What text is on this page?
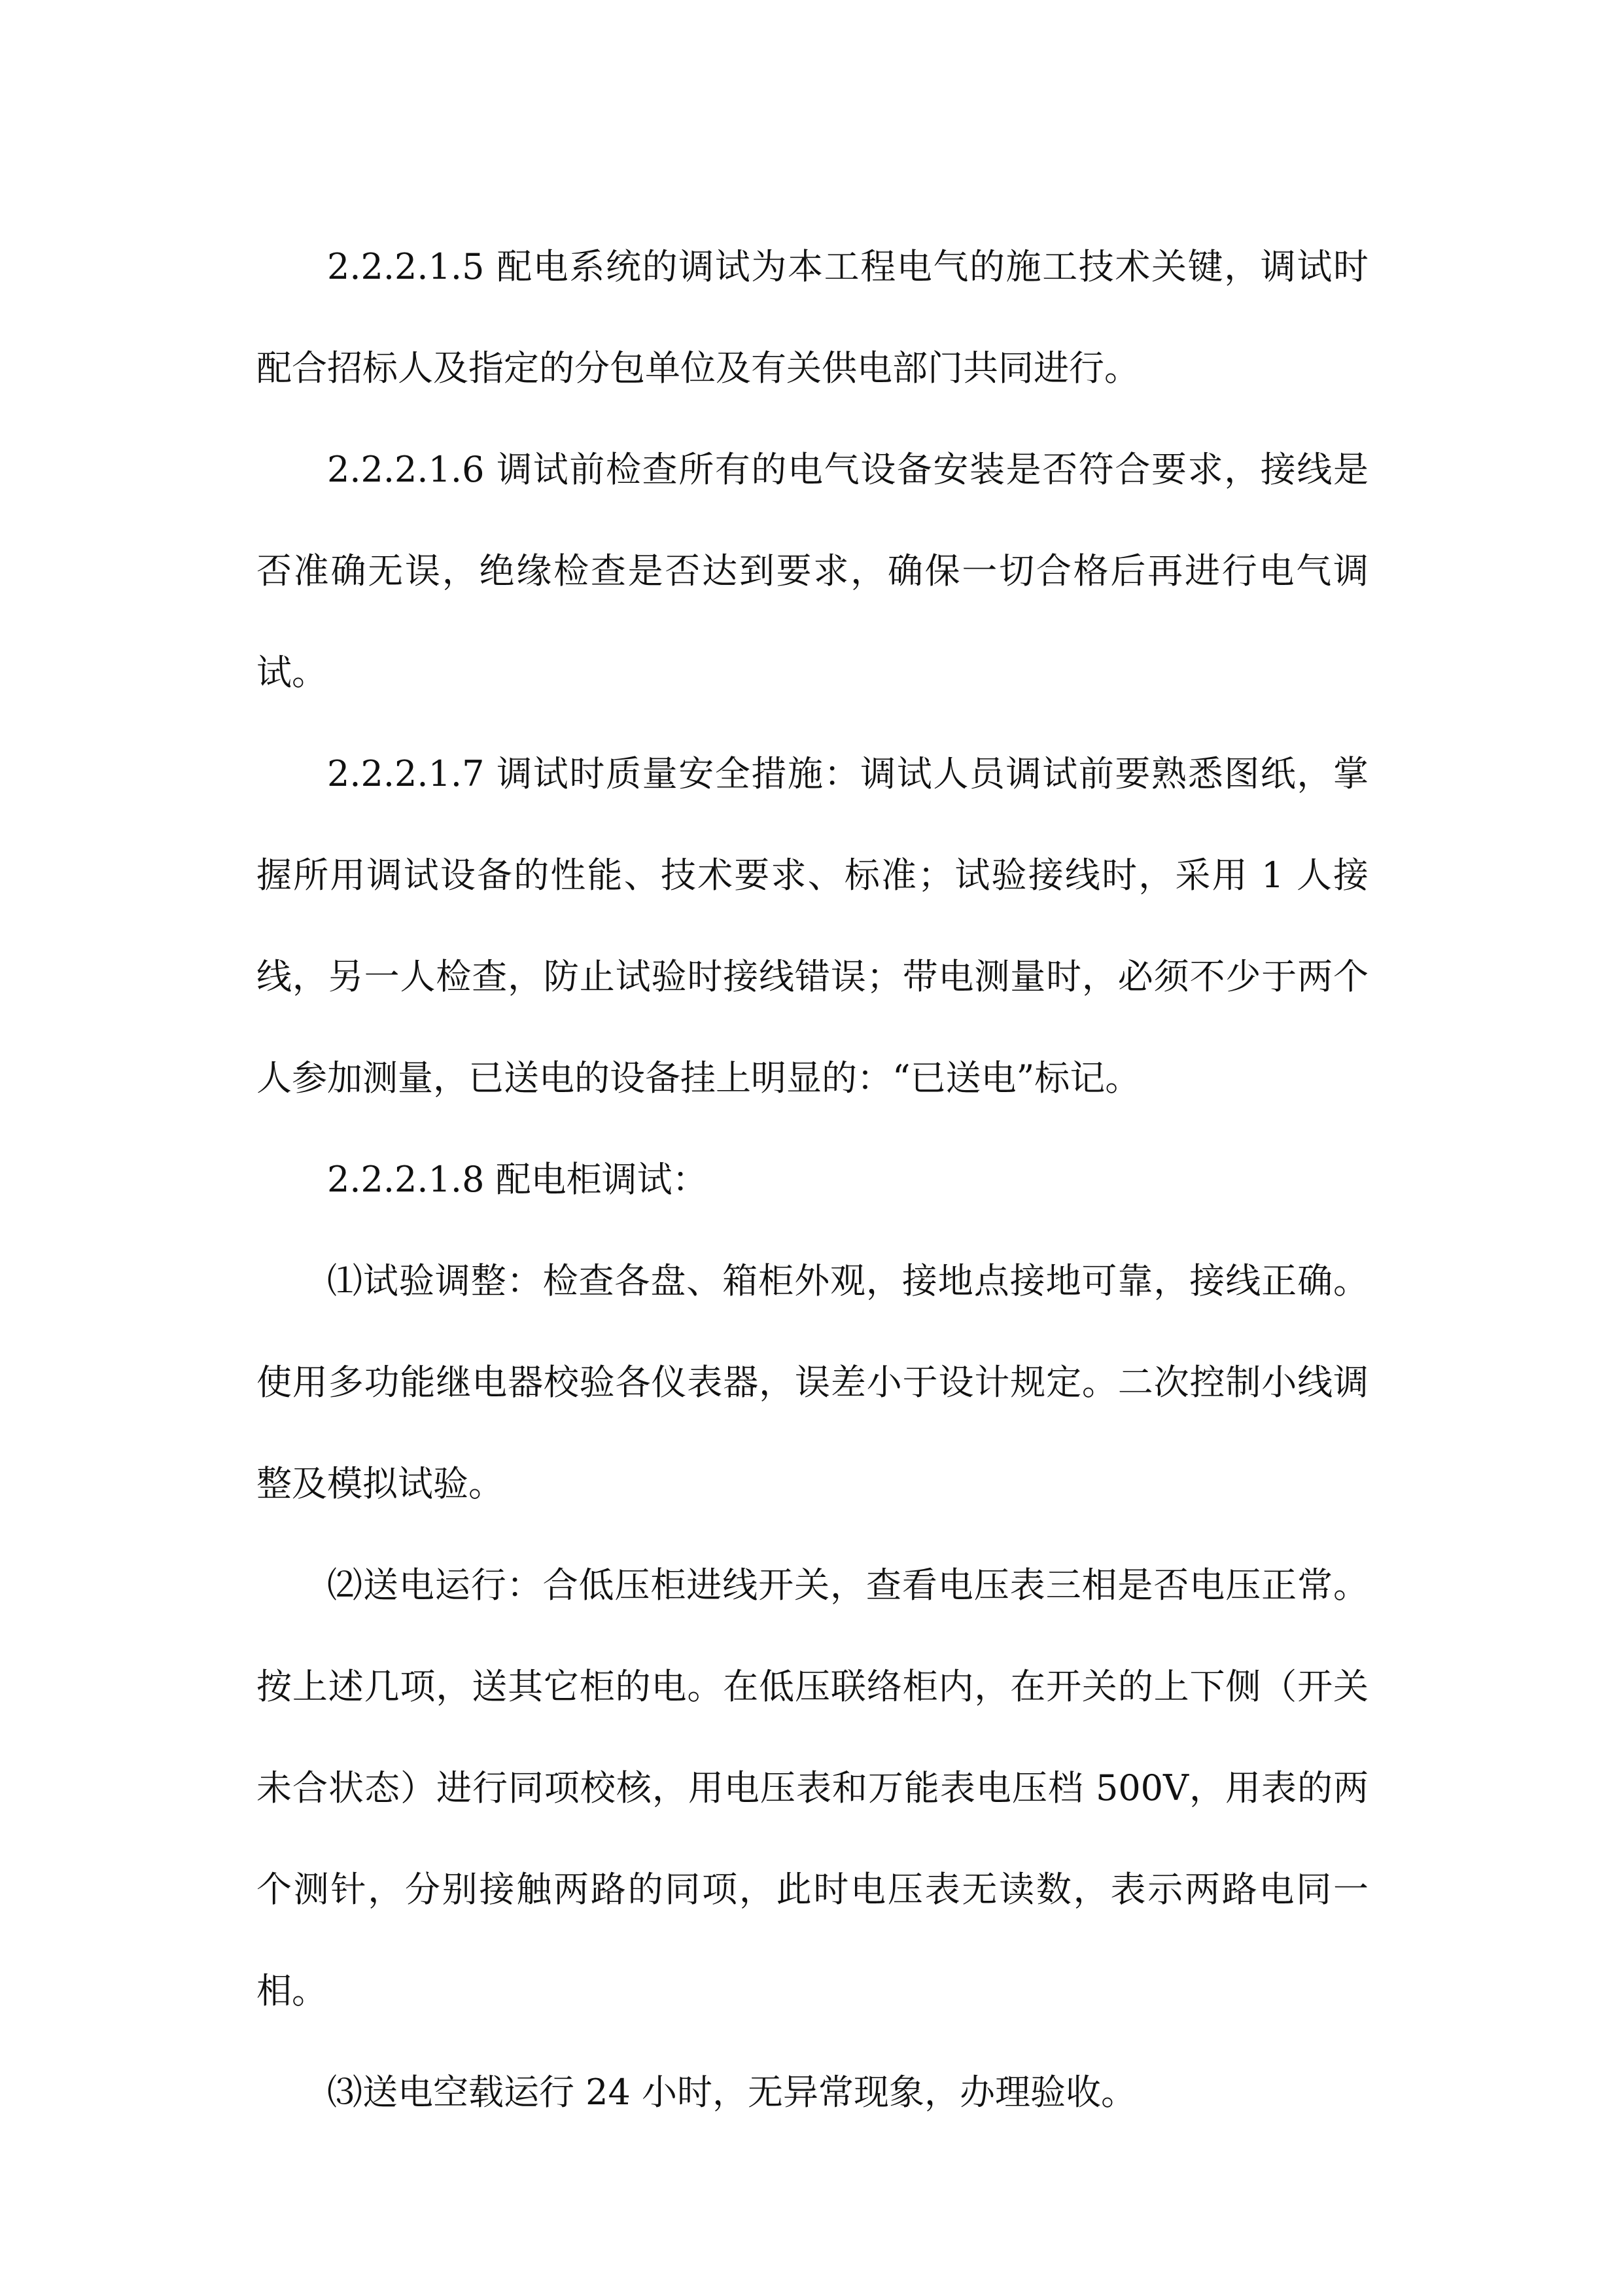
2.2.2.1.5 配电系统的调试为本工程电气的施工技术关键，调试时配合招标人及指定的分包单位及有关供电部门共同进行。

2.2.2.1.6 调试前检查所有的电气设备安装是否符合要求，接线是否准确无误，绝缘检查是否达到要求，确保一切合格后再进行电气调试。

2.2.2.1.7 调试时质量安全措施：调试人员调试前要熟悉图纸，掌握所用调试设备的性能、技术要求、标准；试验接线时，采用 1 人接线，另一人检查，防止试验时接线错误；带电测量时，必须不少于两个人参加测量，已送电的设备挂上明显的：“已送电”标记。

2.2.2.1.8 配电柜调试：

⑴试验调整：检查各盘、箱柜外观，接地点接地可靠，接线正确。使用多功能继电器校验各仪表器，误差小于设计规定。二次控制小线调整及模拟试验。

⑵送电运行：合低压柜进线开关，查看电压表三相是否电压正常。按上述几项，送其它柜的电。在低压联络柜内，在开关的上下侧（开关未合状态）进行同项校核，用电压表和万能表电压档 500V，用表的两个测针，分别接触两路的同项，此时电压表无读数，表示两路电同一相。

⑶送电空载运行 24 小时，无异常现象，办理验收。
